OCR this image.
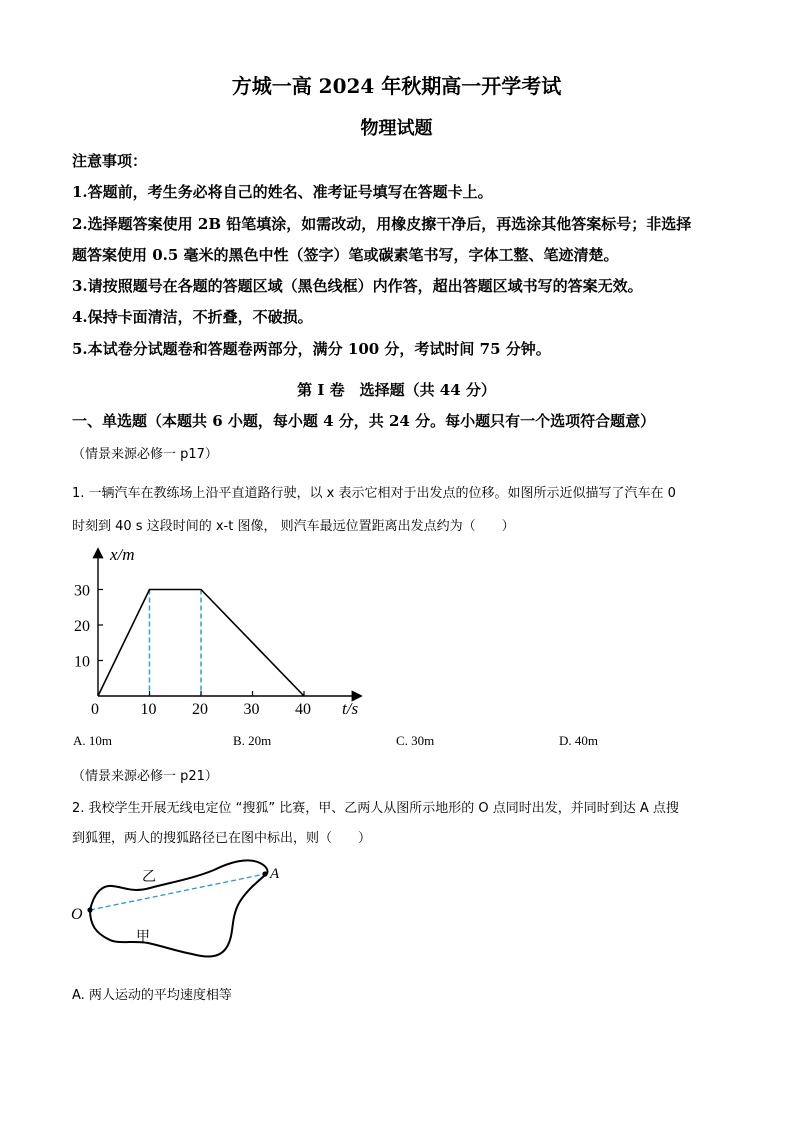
方城一高 2024 年秋期高一开学考试
物理试题
注意事项：
1.答题前，考生务必将自己的姓名、准考证号填写在答题卡上。
2.选择题答案使用 2B 铅笔填涂，如需改动，用橡皮擦干净后，再选涂其他答案标号；非选择
题答案使用 0.5 毫米的黑色中性（签字）笔或碳素笔书写，字体工整、笔迹清楚。
3.请按照题号在各题的答题区域（黑色线框）内作答，超出答题区域书写的答案无效。
4.保持卡面清洁，不折叠，不破损。
5.本试卷分试题卷和答题卷两部分，满分 100 分，考试时间 75 分钟。
第 Ⅰ 卷　选择题（共 44 分）
一、单选题（本题共 6 小题，每小题 4 分，共 24 分。每小题只有一个选项符合题意）
（情景来源必修一 p17）
1. 一辆汽车在教练场上沿平直道路行驶，以 x 表示它相对于出发点的位移。如图所示近似描写了汽车在 0
时刻到 40 s 这段时间的 x-t 图像， 则汽车最远位置距离出发点约为（　　）
0	10 20 30 40
10
20
30
x/m
t/s
A. 10m	B. 20m	C. 30m	D. 40m
（情景来源必修一 p21）
2. 我校学生开展无线电定位 “搜狐” 比赛，甲、乙两人从图所示地形的 O 点同时出发，并同时到达 A 点搜
到狐狸，两人的搜狐路径已在图中标出，则（　　）
O
A
乙
甲
A. 两人运动的平均速度相等
